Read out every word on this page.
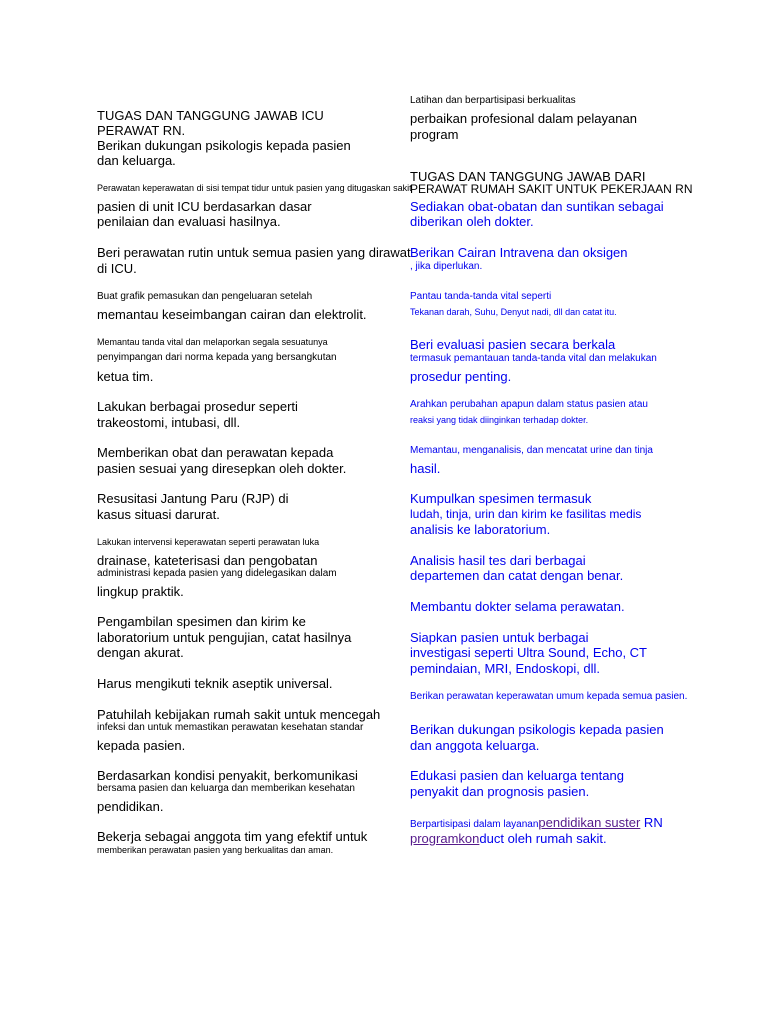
TUGAS DAN TANGGUNG JAWAB ICU
PERAWAT RN.
Berikan dukungan psikologis kepada pasien
dan keluarga.
Perawatan keperawatan di sisi tempat tidur untuk pasien yang ditugaskan sakit
pasien di unit ICU berdasarkan dasar
penilaian dan evaluasi hasilnya.
Beri perawatan rutin untuk semua pasien yang dirawat
di ICU.
Buat grafik pemasukan dan pengeluaran setelah
memantau keseimbangan cairan dan elektrolit.
Memantau tanda vital dan melaporkan segala sesuatunya
penyimpangan dari norma kepada yang bersangkutan
ketua tim.
Lakukan berbagai prosedur seperti
trakeostomi, intubasi, dll.
Memberikan obat dan perawatan kepada
pasien sesuai yang diresepkan oleh dokter.
Resusitasi Jantung Paru (RJP) di
kasus situasi darurat.
Lakukan intervensi keperawatan seperti perawatan luka
drainase, kateterisasi dan pengobatan
administrasi kepada pasien yang didelegasikan dalam
lingkup praktik.
Pengambilan spesimen dan kirim ke
laboratorium untuk pengujian, catat hasilnya
dengan akurat.
Harus mengikuti teknik aseptik universal.
Patuhilah kebijakan rumah sakit untuk mencegah
infeksi dan untuk memastikan perawatan kesehatan standar
kepada pasien.
Berdasarkan kondisi penyakit, berkomunikasi
bersama pasien dan keluarga dan memberikan kesehatan
pendidikan.
Bekerja sebagai anggota tim yang efektif untuk
memberikan perawatan pasien yang berkualitas dan aman.
Latihan dan berpartisipasi berkualitas
perbaikan profesional dalam pelayanan
program
TUGAS DAN TANGGUNG JAWAB DARI
PERAWAT RUMAH SAKIT UNTUK PEKERJAAN RN
Sediakan obat-obatan dan suntikan sebagai
diberikan oleh dokter.
Berikan Cairan Intravena dan oksigen
, jika diperlukan.
Pantau tanda-tanda vital seperti
Tekanan darah, Suhu, Denyut nadi, dll dan catat itu.
Beri evaluasi pasien secara berkala
termasuk pemantauan tanda-tanda vital dan melakukan
prosedur penting.
Arahkan perubahan apapun dalam status pasien atau
reaksi yang tidak diinginkan terhadap dokter.
Memantau, menganalisis, dan mencatat urine dan tinja
hasil.
Kumpulkan spesimen termasuk
ludah, tinja, urin dan kirim ke fasilitas medis
analisis ke laboratorium.
Analisis hasil tes dari berbagai
departemen dan catat dengan benar.
Membantu dokter selama perawatan.
Siapkan pasien untuk berbagai
investigasi seperti Ultra Sound, Echo, CT
pemindaian, MRI, Endoskopi, dll.
Berikan perawatan keperawatan umum kepada semua pasien.
Berikan dukungan psikologis kepada pasien
dan anggota keluarga.
Edukasi pasien dan keluarga tentang
penyakit dan prognosis pasien.
Berpartisipasi dalam layananpendidikan suster RN
programkonduct oleh rumah sakit.
